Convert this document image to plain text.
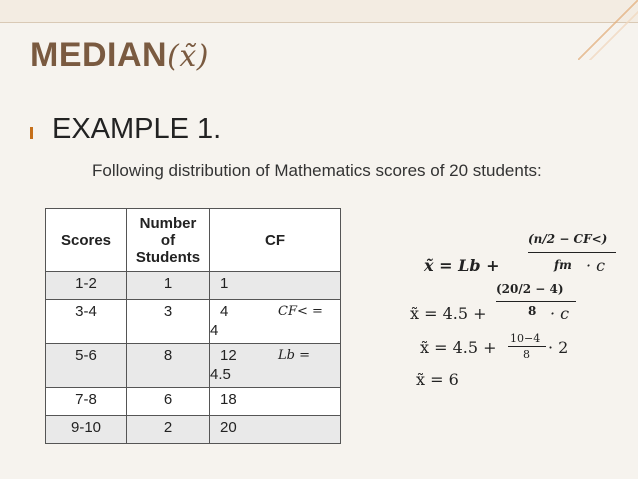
MEDIAN(x̃)
EXAMPLE 1.
Following distribution of Mathematics scores of 20 students:
Scores	Number
of
Students	CF
1-2	1	1
3-4	3	4 CF< =
4

5-6	8	12 Lb =
4.5

7-8	6	18
9-10	2	20
x̃ = Lb +
(n/2 − CF<)
fm · c
x̃ = 4.5 +
(20/2 − 4)
8 · c
x̃ = 4.5 + 10−4
8 · 2
x̃ = 6
